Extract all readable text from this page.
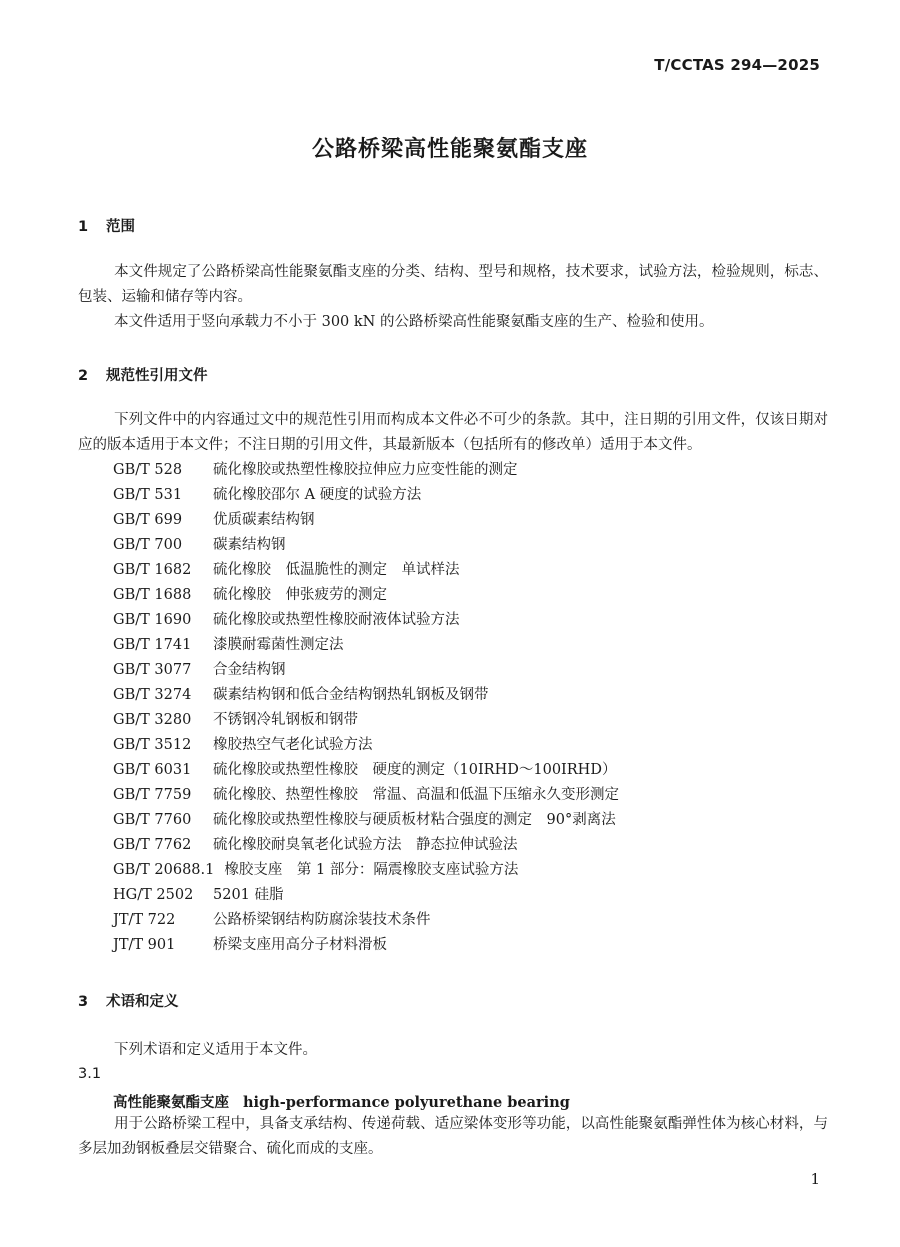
T/CCTAS 294—2025
公路桥梁高性能聚氨酯支座
1 范围
本文件规定了公路桥梁高性能聚氨酯支座的分类、结构、型号和规格，技术要求，试验方法，检验规则，标志、包装、运输和储存等内容。
本文件适用于竖向承载力不小于 300 kN 的公路桥梁高性能聚氨酯支座的生产、检验和使用。
2 规范性引用文件
下列文件中的内容通过文中的规范性引用而构成本文件必不可少的条款。其中，注日期的引用文件，仅该日期对应的版本适用于本文件；不注日期的引用文件，其最新版本（包括所有的修改单）适用于本文件。
GB/T 528 硫化橡胶或热塑性橡胶拉伸应力应变性能的测定
GB/T 531 硫化橡胶邵尔 A 硬度的试验方法
GB/T 699 优质碳素结构钢
GB/T 700 碳素结构钢
GB/T 1682 硫化橡胶　低温脆性的测定　单试样法
GB/T 1688 硫化橡胶　伸张疲劳的测定
GB/T 1690 硫化橡胶或热塑性橡胶耐液体试验方法
GB/T 1741 漆膜耐霉菌性测定法
GB/T 3077 合金结构钢
GB/T 3274 碳素结构钢和低合金结构钢热轧钢板及钢带
GB/T 3280 不锈钢冷轧钢板和钢带
GB/T 3512 橡胶热空气老化试验方法
GB/T 6031 硫化橡胶或热塑性橡胶　硬度的测定（10IRHD～100IRHD）
GB/T 7759 硫化橡胶、热塑性橡胶　常温、高温和低温下压缩永久变形测定
GB/T 7760 硫化橡胶或热塑性橡胶与硬质板材粘合强度的测定　90°剥离法
GB/T 7762 硫化橡胶耐臭氧老化试验方法　静态拉伸试验法
GB/T 20688.1 橡胶支座　第 1 部分：隔震橡胶支座试验方法
HG/T 2502 5201 硅脂
JT/T 722	公路桥梁钢结构防腐涂装技术条件
JT/T 901	桥梁支座用高分子材料滑板
3 术语和定义
下列术语和定义适用于本文件。
3.1
高性能聚氨酯支座 high-performance polyurethane bearing
用于公路桥梁工程中，具备支承结构、传递荷载、适应梁体变形等功能，以高性能聚氨酯弹性体为核心材料，与多层加劲钢板叠层交错聚合、硫化而成的支座。
1
